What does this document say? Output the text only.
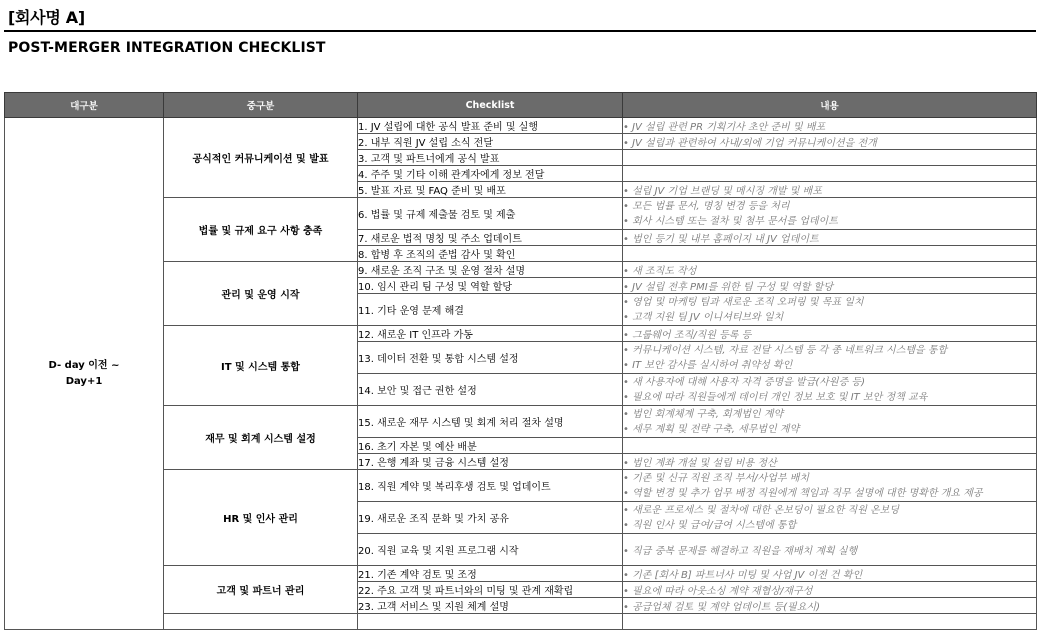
[회사명 A]
POST-MERGER INTEGRATION CHECKLIST
대구분	중구분	Checklist	내용

D- day 이전 ~
Day+1	공식적인 커뮤니케이션 및 발표	1. JV 설립에 대한 공식 발표 준비 및 실행	• JV 설립 관련 PR 기획기사 초안 준비 및 배포
		2. 내부 직원 JV 설립 소식 전달	• JV 설립과 관련하여 사내/외에 기업 커뮤니케이션을 전개
		3. 고객 및 파트너에게 공식 발표	
		4. 주주 및 기타 이해 관계자에게 정보 전달	
		5. 발표 자료 및 FAQ 준비 및 배포	• 설립 JV 기업 브랜딩 및 메시징 개발 및 배포
	법률 및 규제 요구 사항 충족	6. 법률 및 규제 제출물 검토 및 제출	• 모든 법률 문서, 명칭 변경 등을 처리
• 회사 시스템 또는 절차 및 첨부 문서를 업데이트

		7. 새로운 법적 명칭 및 주소 업데이트	• 법인 등기 및 내부 홈페이지 내 JV 업데이트
		8. 합병 후 조직의 준법 감사 및 확인	
	관리 및 운영 시작	9. 새로운 조직 구조 및 운영 절차 설명	• 새 조직도 작성
		10. 임시 관리 팀 구성 및 역할 할당	• JV 설립 전후 PMI를 위한 팀 구성 및 역할 할당
		11. 기타 운영 문제 해결	• 영업 및 마케팅 팀과 새로운 조직 오퍼링 및 목표 일치
• 고객 지원 팀 JV 이니셔티브와 일치

	IT 및 시스템 통합	12. 새로운 IT 인프라 가동	• 그룹웨어 조직/직원 등록 등
		13. 데이터 전환 및 통합 시스템 설정	• 커뮤니케이션 시스템, 자료 전달 시스템 등 각 종 네트워크 시스템을 통합
• IT 보안 감사를 실시하여 취약성 확인

		14. 보안 및 접근 권한 설정	• 새 사용자에 대해 사용자 자격 증명을 발급(사원증 등)
• 필요에 따라 직원들에게 데이터 개인 정보 보호 및 IT 보안 정책 교육

	재무 및 회계 시스템 설정	15. 새로운 재무 시스템 및 회계 처리 절차 설명	• 법인 회계체계 구축, 회계법인 계약
• 세무 계획 및 전략 구축, 세무법인 계약

		16. 초기 자본 및 예산 배분	
		17. 은행 계좌 및 금융 시스템 설정	• 법인 계좌 개설 및 설립 비용 정산
	HR 및 인사 관리	18. 직원 계약 및 복리후생 검토 및 업데이트	• 기존 및 신규 직원 조직 부서/사업부 배치
• 역할 변경 및 추가 업무 배정 직원에게 책임과 직무 설명에 대한 명확한 개요 제공

		19. 새로운 조직 문화 및 가치 공유	• 새로운 프로세스 및 절차에 대한 온보딩이 필요한 직원 온보딩
• 직원 인사 및 급여/급여 시스템에 통합

		20. 직원 교육 및 지원 프로그램 시작	• 직급 중복 문제를 해결하고 직원을 재배치 계획 실행
	고객 및 파트너 관리	21. 기존 계약 검토 및 조정	• 기존 [회사 B] 파트너사 미팅 및 사업 JV 이전 건 확인
		22. 주요 고객 및 파트너와의 미팅 및 관계 재확립	• 필요에 따라 아웃소싱 계약 재협상/재구성
		23. 고객 서비스 및 지원 체계 설명	• 공급업체 검토 및 계약 업데이트 등(필요시)
